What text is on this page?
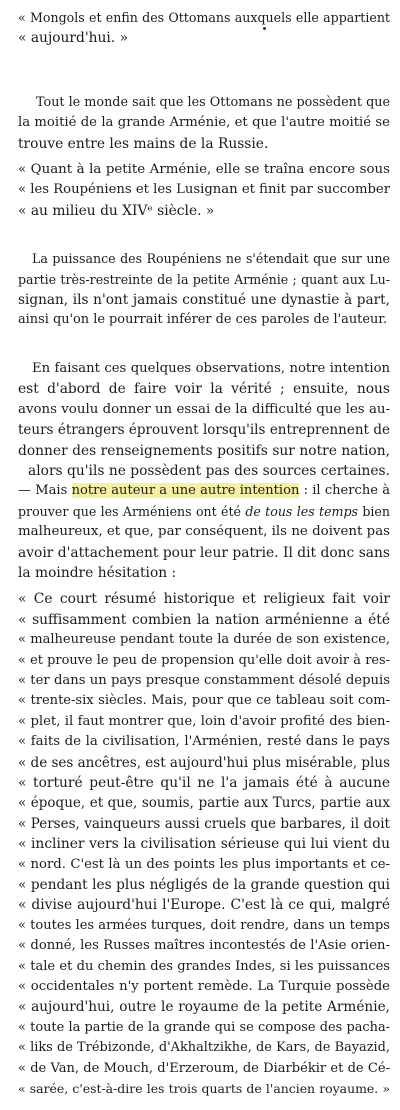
« Mongols et enfin des Ottomans auxquels elle appartient
« aujourd'hui. »
Tout le monde sait que les Ottomans ne possèdent que
la moitié de la grande Arménie, et que l'autre moitié se
trouve entre les mains de la Russie.
« Quant à la petite Arménie, elle se traîna encore sous
« les Roupéniens et les Lusignan et finit par succomber
« au milieu du XIVᵉ siècle. »
La puissance des Roupéniens ne s'étendait que sur une
partie très-restreinte de la petite Arménie ; quant aux Lu-
signan, ils n'ont jamais constitué une dynastie à part,
ainsi qu'on le pourrait inférer de ces paroles de l'auteur.
En faisant ces quelques observations, notre intention
est d'abord de faire voir la vérité ; ensuite, nous
avons voulu donner un essai de la difficulté que les au-
teurs étrangers éprouvent lorsqu'ils entreprennent de
donner des renseignements positifs sur notre nation,
alors qu'ils ne possèdent pas des sources certaines.
— Mais notre auteur a une autre intention : il cherche à
prouver que les Arméniens ont été de tous les temps bien
malheureux, et que, par conséquent, ils ne doivent pas
avoir d'attachement pour leur patrie. Il dit donc sans
la moindre hésitation :
« Ce court résumé historique et religieux fait voir
« suffisamment combien la nation arménienne a été
« malheureuse pendant toute la durée de son existence,
« et prouve le peu de propension qu'elle doit avoir à res-
« ter dans un pays presque constamment désolé depuis
« trente-six siècles. Mais, pour que ce tableau soit com-
« plet, il faut montrer que, loin d'avoir profité des bien-
« faits de la civilisation, l'Arménien, resté dans le pays
« de ses ancêtres, est aujourd'hui plus misérable, plus
« torturé peut-être qu'il ne l'a jamais été à aucune
« époque, et que, soumis, partie aux Turcs, partie aux
« Perses, vainqueurs aussi cruels que barbares, il doit
« incliner vers la civilisation sérieuse qui lui vient du
« nord. C'est là un des points les plus importants et ce-
« pendant les plus négligés de la grande question qui
« divise aujourd'hui l'Europe. C'est là ce qui, malgré
« toutes les armées turques, doit rendre, dans un temps
« donné, les Russes maîtres incontestés de l'Asie orien-
« tale et du chemin des grandes Indes, si les puissances
« occidentales n'y portent remède. La Turquie possède
« aujourd'hui, outre le royaume de la petite Arménie,
« toute la partie de la grande qui se compose des pacha-
« liks de Trébizonde, d'Akhaltzikhe, de Kars, de Bayazid,
« de Van, de Mouch, d'Erzeroum, de Diarbékir et de Cé-
« sarée, c'est-à-dire les trois quarts de l'ancien royaume. »
